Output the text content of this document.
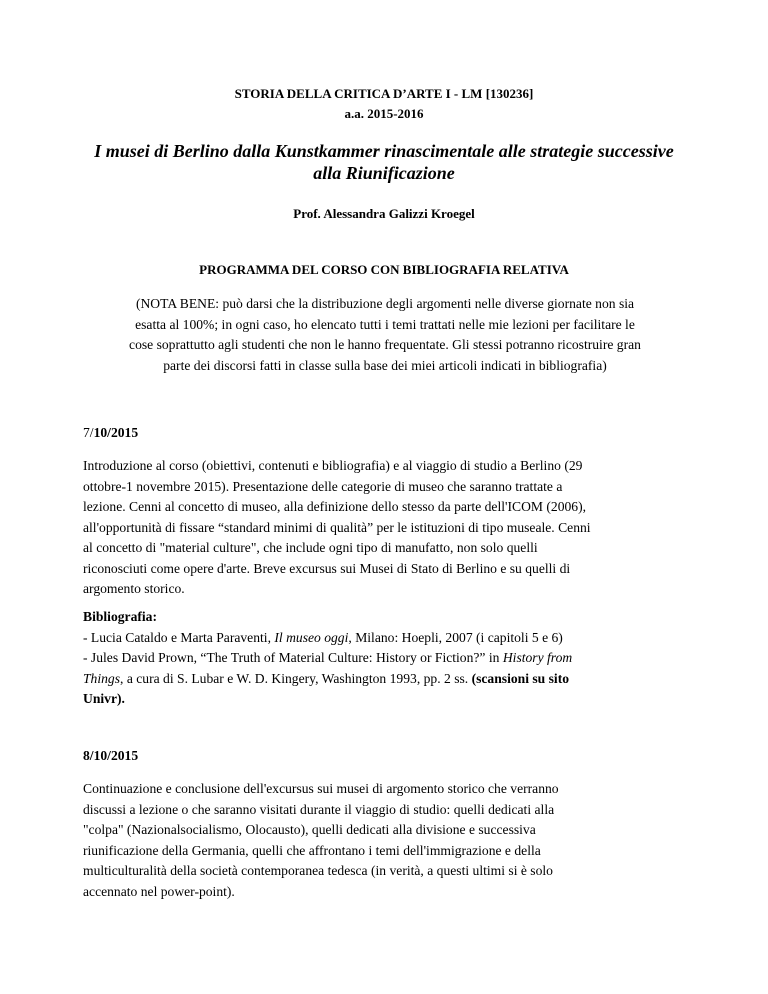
STORIA DELLA CRITICA D’ARTE I - LM [130236]
a.a. 2015-2016
I musei di Berlino dalla Kunstkammer rinascimentale alle strategie successive
alla Riunificazione
Prof. Alessandra Galizzi Kroegel
PROGRAMMA DEL CORSO CON BIBLIOGRAFIA RELATIVA
(NOTA BENE: può darsi che la distribuzione degli argomenti nelle diverse giornate non sia
esatta al 100%; in ogni caso, ho elencato tutti i temi trattati nelle mie lezioni per facilitare le
cose soprattutto agli studenti che non le hanno frequentate. Gli stessi potranno ricostruire gran
parte dei discorsi fatti in classe sulla base dei miei articoli indicati in bibliografia)
7/10/2015
Introduzione al corso (obiettivi, contenuti e bibliografia) e al viaggio di studio a Berlino (29
ottobre-1 novembre 2015). Presentazione delle categorie di museo che saranno trattate a
lezione. Cenni al concetto di museo, alla definizione dello stesso da parte dell'ICOM (2006),
all'opportunità di fissare “standard minimi di qualità” per le istituzioni di tipo museale. Cenni
al concetto di "material culture", che include ogni tipo di manufatto, non solo quelli
riconosciuti come opere d'arte. Breve excursus sui Musei di Stato di Berlino e su quelli di
argomento storico.
Bibliografia:
- Lucia Cataldo e Marta Paraventi, Il museo oggi, Milano: Hoepli, 2007 (i capitoli 5 e 6)
- Jules David Prown, “The Truth of Material Culture: History or Fiction?” in History from
Things, a cura di S. Lubar e W. D. Kingery, Washington 1993, pp. 2 ss. (scansioni su sito
Univr).
8/10/2015
Continuazione e conclusione dell'excursus sui musei di argomento storico che verranno
discussi a lezione o che saranno visitati durante il viaggio di studio: quelli dedicati alla
"colpa" (Nazionalsocialismo, Olocausto), quelli dedicati alla divisione e successiva
riunificazione della Germania, quelli che affrontano i temi dell'immigrazione e della
multiculturalità della società contemporanea tedesca (in verità, a questi ultimi si è solo
accennato nel power-point).
